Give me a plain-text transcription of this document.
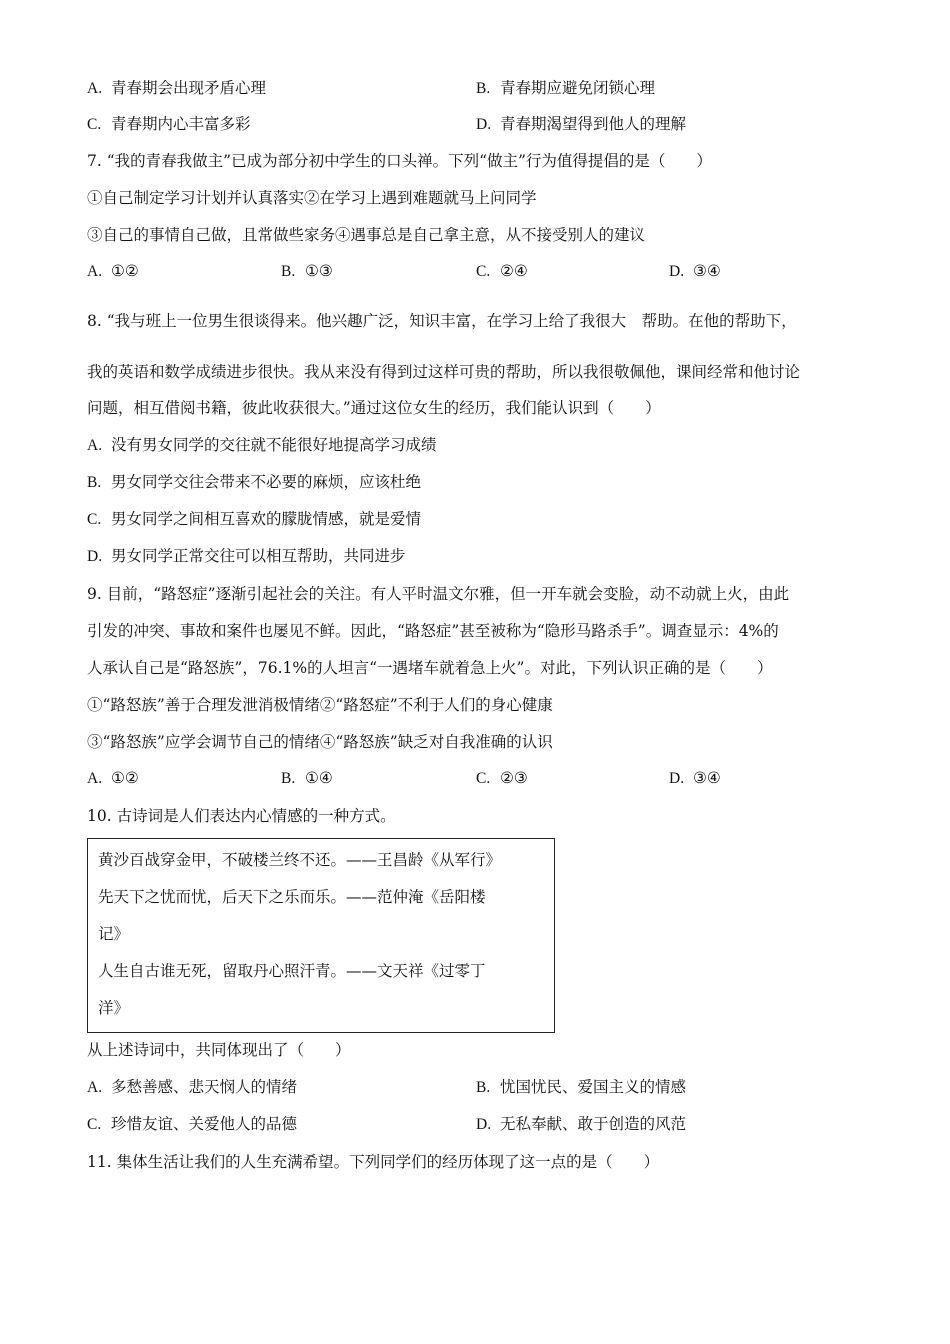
A. 青春期会出现矛盾心理	B. 青春期应避免闭锁心理
C. 青春期内心丰富多彩	D. 青春期渴望得到他人的理解
7. “我的青春我做主”已成为部分初中学生的口头禅。下列“做主”行为值得提倡的是（　　）
①自己制定学习计划并认真落实②在学习上遇到难题就马上问同学
③自己的事情自己做，且常做些家务④遇事总是自己拿主意，从不接受别人的建议
A. ①②	B. ①③	C. ②④	D. ③④
8. “我与班上一位男生很谈得来。他兴趣广泛，知识丰富，在学习上给了我很大　帮助。在他的帮助下，
我的英语和数学成绩进步很快。我从来没有得到过这样可贵的帮助，所以我很敬佩他，课间经常和他讨论
问题，相互借阅书籍，彼此收获很大。”通过这位女生的经历，我们能认识到（　　）
A. 没有男女同学的交往就不能很好地提高学习成绩
B. 男女同学交往会带来不必要的麻烦，应该杜绝
C. 男女同学之间相互喜欢的朦胧情感，就是爱情
D. 男女同学正常交往可以相互帮助，共同进步
9. 目前，“路怒症”逐渐引起社会的关注。有人平时温文尔雅，但一开车就会变脸，动不动就上火，由此
引发的冲突、事故和案件也屡见不鲜。因此，“路怒症”甚至被称为“隐形马路杀手”。调查显示：4%的
人承认自己是“路怒族”，76.1%的人坦言“一遇堵车就着急上火”。对此，下列认识正确的是（　　）
①“路怒族”善于合理发泄消极情绪②“路怒症”不利于人们的身心健康
③“路怒族”应学会调节自己的情绪④“路怒族”缺乏对自我准确的认识
A. ①②	B. ①④	C. ②③	D. ③④
10. 古诗词是人们表达内心情感的一种方式。
黄沙百战穿金甲，不破楼兰终不还。——王昌龄《从军行》
先天下之忧而忧，后天下之乐而乐。——范仲淹《岳阳楼
记》
人生自古谁无死，留取丹心照汗青。——文天祥《过零丁
洋》
从上述诗词中，共同体现出了（　　）
A. 多愁善感、悲天悯人的情绪	B. 忧国忧民、爱国主义的情感
C. 珍惜友谊、关爱他人的品德	D. 无私奉献、敢于创造的风范
11. 集体生活让我们的人生充满希望。下列同学们的经历体现了这一点的是（　　）
